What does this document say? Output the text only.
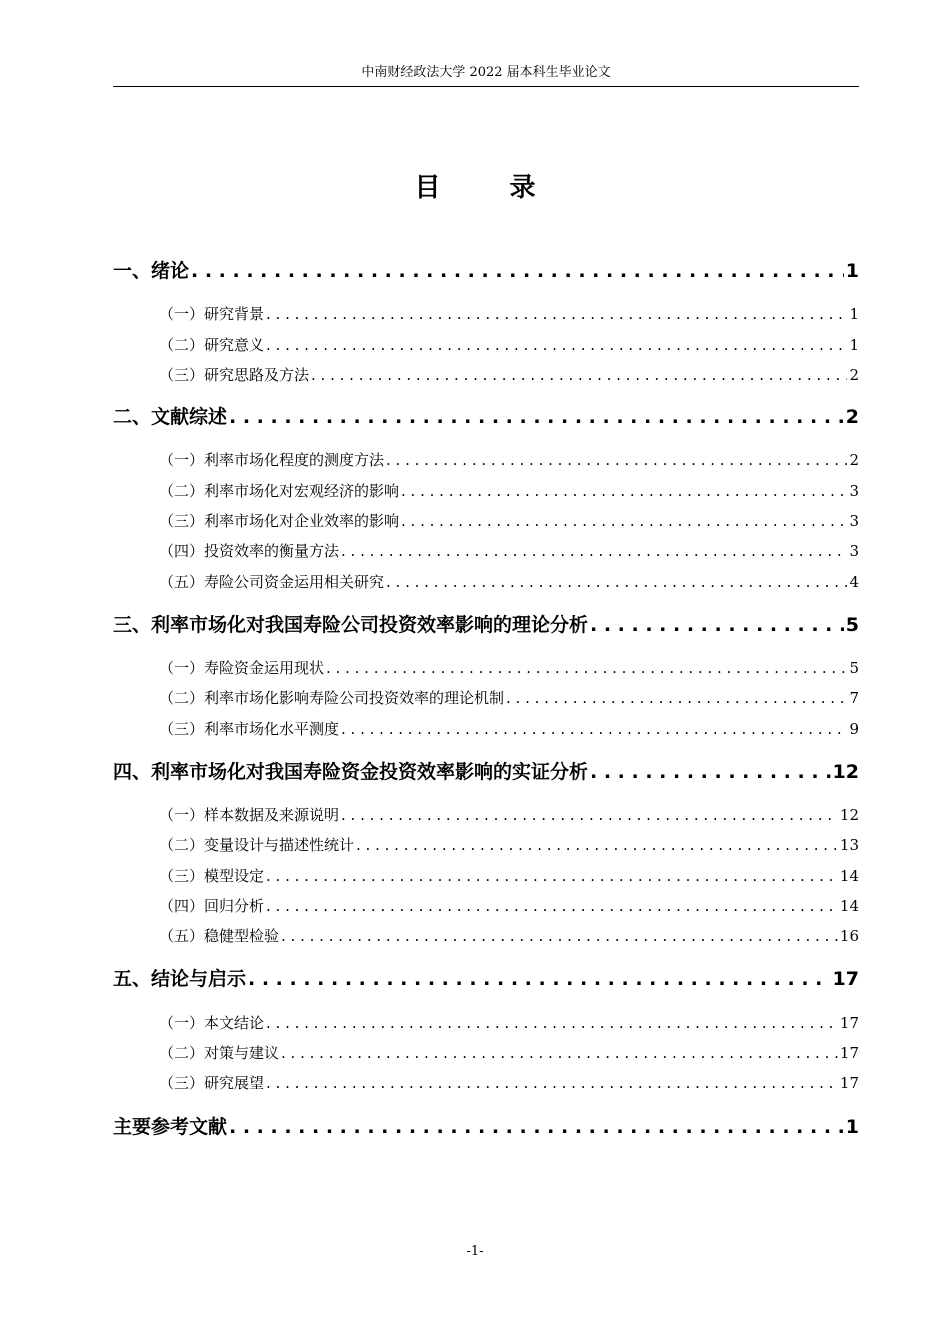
中南财经政法大学 2022 届本科生毕业论文
目 录
一、绪论 . . .	1
（一）研究背景 . . .	1
（二）研究意义 . . .	1
（三）研究思路及方法 . . .	2
二、文献综述 . . .	2
（一）利率市场化程度的测度方法 . . .	2
（二）利率市场化对宏观经济的影响 . . .	3
（三）利率市场化对企业效率的影响 . . .	3
（四）投资效率的衡量方法 . . .	3
（五）寿险公司资金运用相关研究 . . .	4
三、利率市场化对我国寿险公司投资效率影响的理论分析 . . .	5
（一）寿险资金运用现状 . . .	5
（二）利率市场化影响寿险公司投资效率的理论机制 . . .	7
（三）利率市场化水平测度 . . .	9
四、利率市场化对我国寿险资金投资效率影响的实证分析 . . .	12
（一）样本数据及来源说明 . . .	12
（二）变量设计与描述性统计 . . .	13
（三）模型设定 . . .	14
（四）回归分析 . . .	14
（五）稳健型检验 . . .	16
五、结论与启示 . . .	17
（一）本文结论 . . .	17
（二）对策与建议 . . .	17
（三）研究展望 . . .	17
主要参考文献 . . .	1
-1-
